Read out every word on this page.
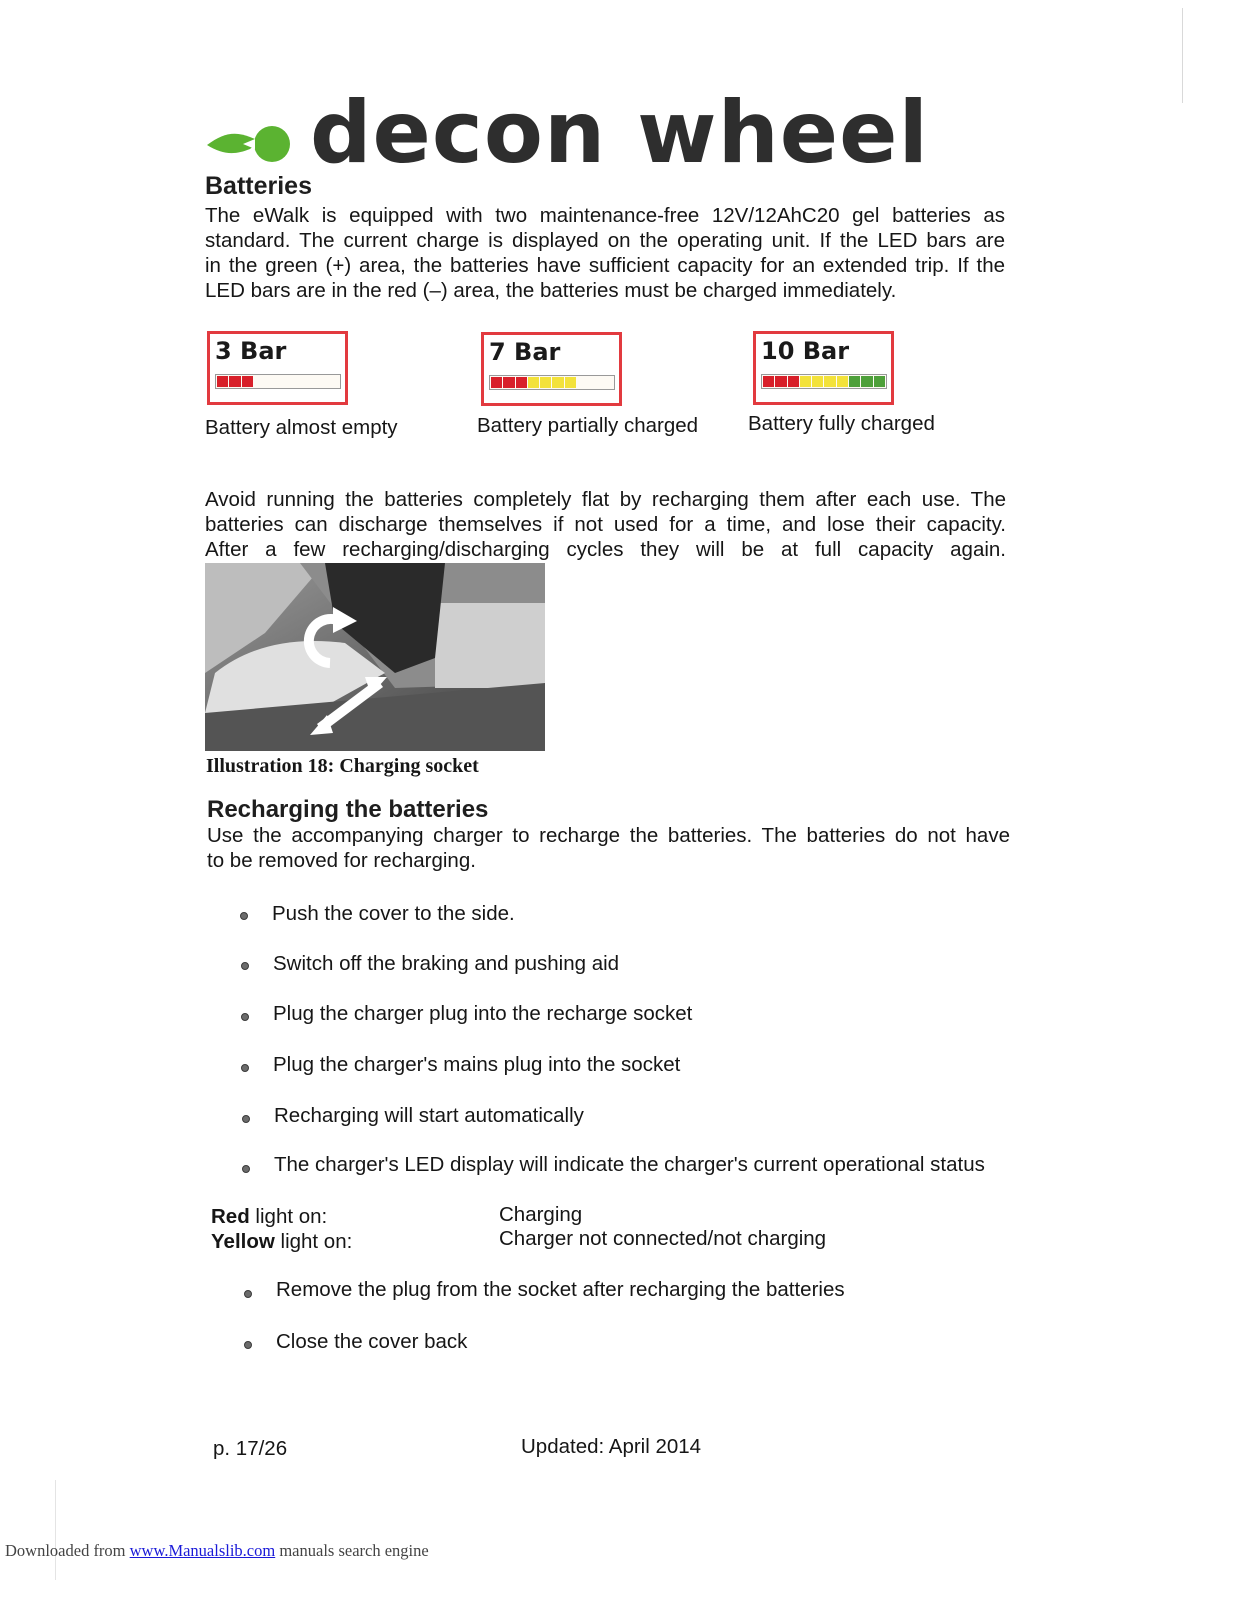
decon wheel
Batteries
The eWalk is equipped with two maintenance-free 12V/12AhC20 gel batteries as
standard. The current charge is displayed on the operating unit. If the LED bars are
in the green (+) area, the batteries have sufficient capacity for an extended trip. If the
LED bars are in the red (–) area, the batteries must be charged immediately.
3 Bar
Battery almost empty
7 Bar
Battery partially charged
10 Bar
Battery fully charged
Avoid running the batteries completely flat by recharging them after each use. The
batteries can discharge themselves if not used for a time, and lose their capacity.
After a few recharging/discharging cycles they will be at full capacity again.
Illustration 18: Charging socket
Recharging the batteries
Use the accompanying charger to recharge the batteries. The batteries do not have
to be removed for recharging.
Push the cover to the side.
Switch off the braking and pushing aid
Plug the charger plug into the recharge socket
Plug the charger's mains plug into the socket
Recharging will start automatically
The charger's LED display will indicate the charger's current operational status
Red light on:	Charging
Yellow light on:	Charger not connected/not charging
Remove the plug from the socket after recharging the batteries
Close the cover back
p. 17/26	Updated: April 2014
Downloaded from www.Manualslib.com manuals search engine
